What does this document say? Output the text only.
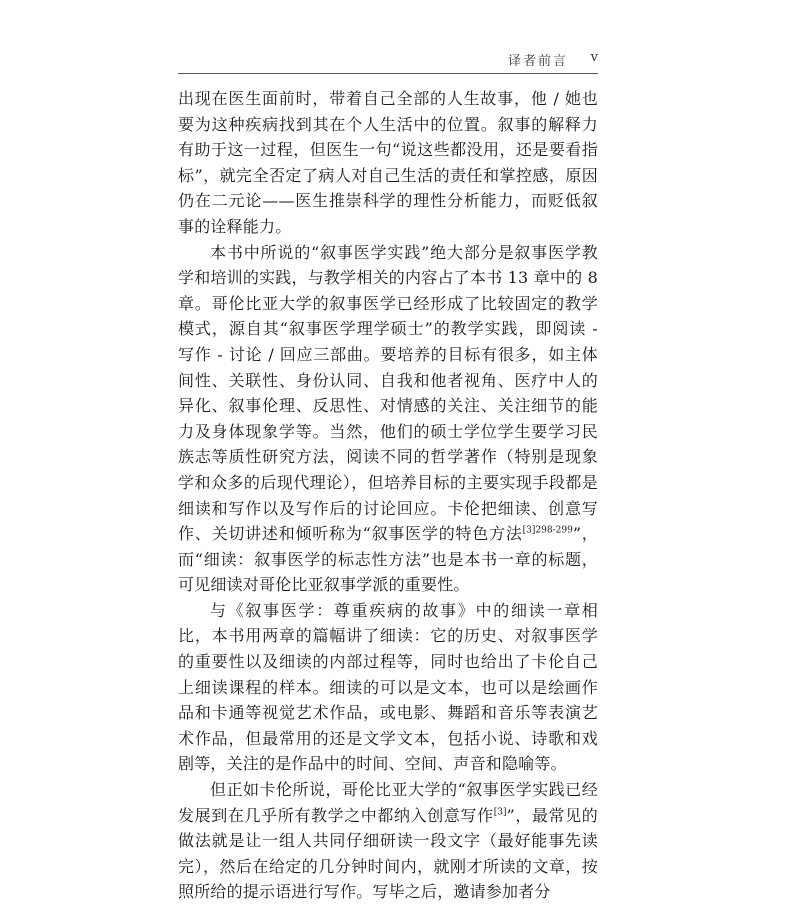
译者前言 v

出现在医生面前时，带着自己全部的人生故事，他 / 她也要为这种疾病找到其在个人生活中的位置。叙事的解释力有助于这一过程，但医生一句“说这些都没用，还是要看指标”，就完全否定了病人对自己生活的责任和掌控感，原因仍在二元论——医生推崇科学的理性分析能力，而贬低叙事的诠释能力。

本书中所说的“叙事医学实践”绝大部分是叙事医学教学和培训的实践，与教学相关的内容占了本书 13 章中的 8 章。哥伦比亚大学的叙事医学已经形成了比较固定的教学模式，源自其“叙事医学理学硕士”的教学实践，即阅读 - 写作 - 讨论 / 回应三部曲。要培养的目标有很多，如主体间性、关联性、身份认同、自我和他者视角、医疗中人的异化、叙事伦理、反思性、对情感的关注、关注细节的能力及身体现象学等。当然，他们的硕士学位学生要学习民族志等质性研究方法，阅读不同的哲学著作（特别是现象学和众多的后现代理论），但培养目标的主要实现手段都是细读和写作以及写作后的讨论回应。卡伦把细读、创意写作、关切讲述和倾听称为“叙事医学的特色方法$^{[3]298-299}$”，而“细读：叙事医学的标志性方法”也是本书一章的标题，可见细读对哥伦比亚叙事学派的重要性。

与《叙事医学：尊重疾病的故事》中的细读一章相比，本书用两章的篇幅讲了细读：它的历史、对叙事医学的重要性以及细读的内部过程等，同时也给出了卡伦自己上细读课程的样本。细读的可以是文本，也可以是绘画作品和卡通等视觉艺术作品，或电影、舞蹈和音乐等表演艺术作品，但最常用的还是文学文本，包括小说、诗歌和戏剧等，关注的是作品中的时间、空间、声音和隐喻等。

但正如卡伦所说，哥伦比亚大学的“叙事医学实践已经发展到在几乎所有教学之中都纳入创意写作[3]”，最常见的做法就是让一组人共同仔细研读一段文字（最好能事先读完），然后在给定的几分钟时间内，就刚才所读的文章，按照所给的提示语进行写作。写毕之后，邀请参加者分
